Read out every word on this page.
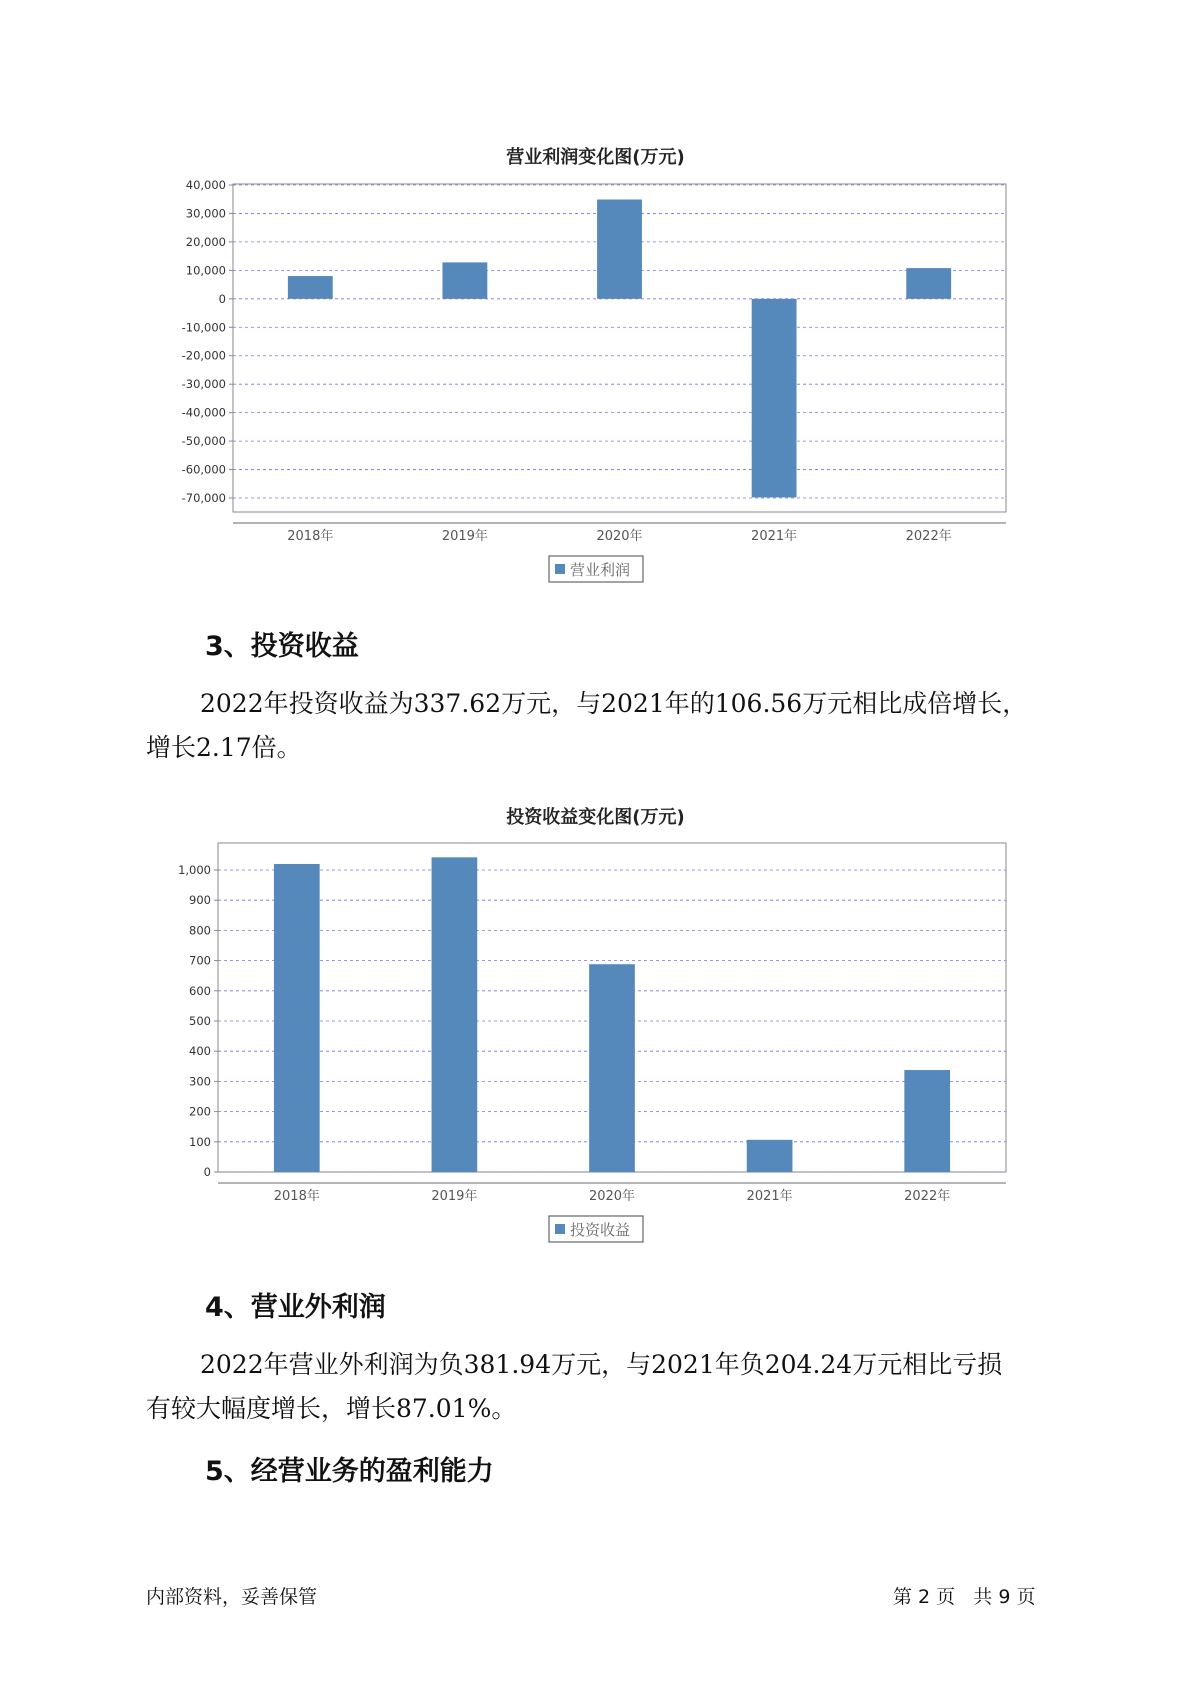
营业利润变化图(万元)
40,000
30,000
20,000
10,000
0
-10,000
-20,000
-30,000
-40,000
-50,000
-60,000
-70,000
2018年	2019年	2020年	2021年	2022年
营业利润
3、投资收益

2022年投资收益为337.62万元，与2021年的106.56万元相比成倍增长，
增长2.17倍。

投资收益变化图(万元)
1,000
900
800
700
600
500
400
300
200
100
0
2018年	2019年	2020年	2021年	2022年
投资收益
4、营业外利润

2022年营业外利润为负381.94万元，与2021年负204.24万元相比亏损
有较大幅度增长，增长87.01%。

5、经营业务的盈利能力
内部资料，妥善保管	第 2 页   共 9 页
